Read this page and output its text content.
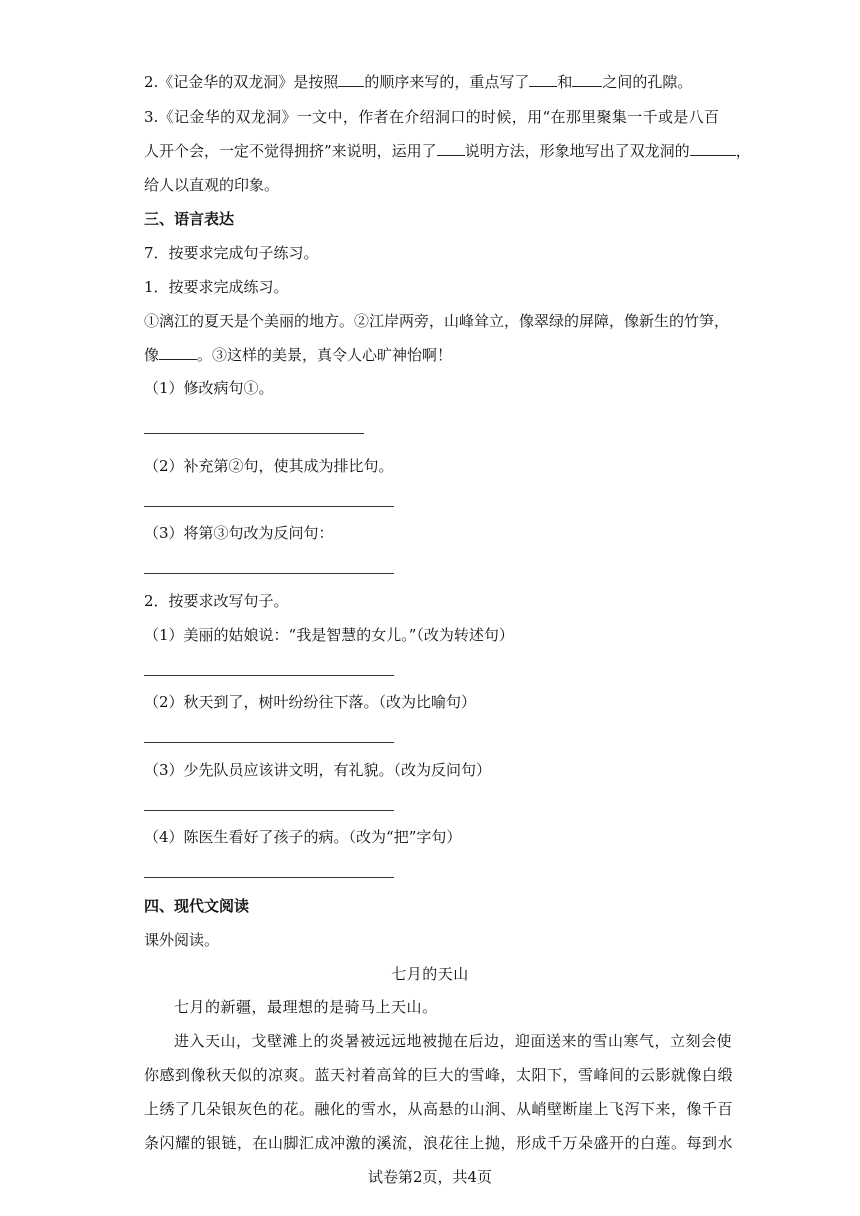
2.《记金华的双龙洞》是按照 的顺序来写的，重点写了 和 之间的孔隙。
3.《记金华的双龙洞》一文中，作者在介绍洞口的时候，用“在那里聚集一千或是八百
人开个会，一定不觉得拥挤”来说明，运用了 说明方法，形象地写出了双龙洞的	，
给人以直观的印象。
三、语言表达
7．按要求完成句子练习。
1．按要求完成练习。
①漓江的夏天是个美丽的地方。②江岸两旁，山峰耸立，像翠绿的屏障，像新生的竹笋，
像	。③这样的美景，真令人心旷神怡啊！
（1）修改病句①。
（2）补充第②句，使其成为排比句。
（3）将第③句改为反问句：
2．按要求改写句子。
（1）美丽的姑娘说：“我是智慧的女儿。”（改为转述句）
（2）秋天到了，树叶纷纷往下落。（改为比喻句）
（3）少先队员应该讲文明，有礼貌。（改为反问句）
（4）陈医生看好了孩子的病。（改为“把”字句）
四、现代文阅读
课外阅读。
七月的天山
七月的新疆，最理想的是骑马上天山。
进入天山，戈壁滩上的炎暑被远远地被抛在后边，迎面送来的雪山寒气，立刻会使
你感到像秋天似的凉爽。蓝天衬着高耸的巨大的雪峰，太阳下，雪峰间的云影就像白缎
上绣了几朵银灰色的花。融化的雪水，从高悬的山涧、从峭壁断崖上飞泻下来，像千百
条闪耀的银链，在山脚汇成冲激的溪流，浪花往上抛，形成千万朵盛开的白莲。每到水
试卷第2页，共4页
